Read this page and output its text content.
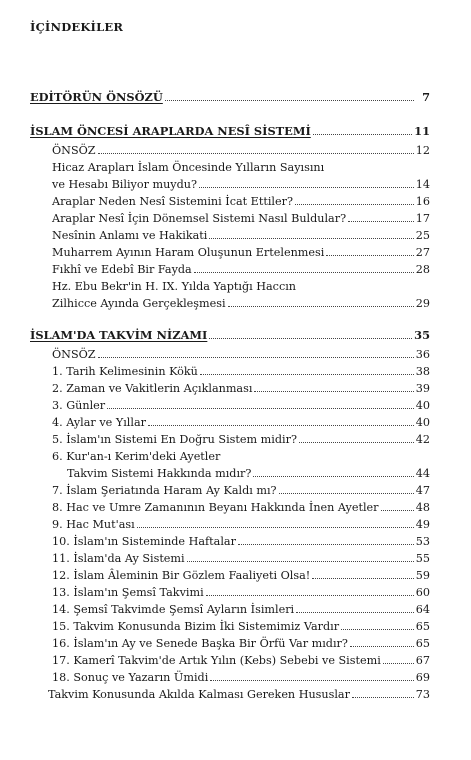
İÇİNDEKİLER
EDİTÖRÜN ÖNSÖZÜ	7
İSLAM ÖNCESİ ARAPLARDA NESÎ SİSTEMİ	11
ÖNSÖZ	12
Hicaz Arapları İslam Öncesinde Yılların Sayısını
ve Hesabı Biliyor muydu?	14
Araplar Neden Nesî Sistemini İcat Ettiler?	16
Araplar Nesî İçin Dönemsel Sistemi Nasıl Buldular?	17
Nesînin Anlamı ve Hakikati	25
Muharrem Ayının Haram Oluşunun Ertelenmesi	27
Fıkhî ve Edebî Bir Fayda	28
Hz. Ebu Bekr'in H. IX. Yılda Yaptığı Haccın
Zilhicce Ayında Gerçekleşmesi	29
İSLAM'DA TAKVİM NİZAMI	35
ÖNSÖZ	36
1. Tarih Kelimesinin Kökü	38
2. Zaman ve Vakitlerin Açıklanması	39
3. Günler	40
4. Aylar ve Yıllar	40
5. İslam'ın Sistemi En Doğru Sistem midir?	42
6. Kur'an-ı Kerim'deki Ayetler
Takvim Sistemi Hakkında mıdır?	44
7. İslam Şeriatında Haram Ay Kaldı mı?	47
8. Hac ve Umre Zamanının Beyanı Hakkında İnen Ayetler	48
9. Hac Mut'ası	49
10. İslam'ın Sisteminde Haftalar	53
11. İslam'da Ay Sistemi	55
12. İslam Âleminin Bir Gözlem Faaliyeti Olsa!	59
13. İslam'ın Şemsî Takvimi	60
14. Şemsî Takvimde Şemsî Ayların İsimleri	64
15. Takvim Konusunda Bizim İki Sistemimiz Vardır	65
16. İslam'ın Ay ve Senede Başka Bir Örfü Var mıdır?	65
17. Kamerî Takvim'de Artık Yılın (Kebs) Sebebi ve Sistemi	67
18. Sonuç ve Yazarın Ümidi	69
Takvim Konusunda Akılda Kalması Gereken Hususlar	73
